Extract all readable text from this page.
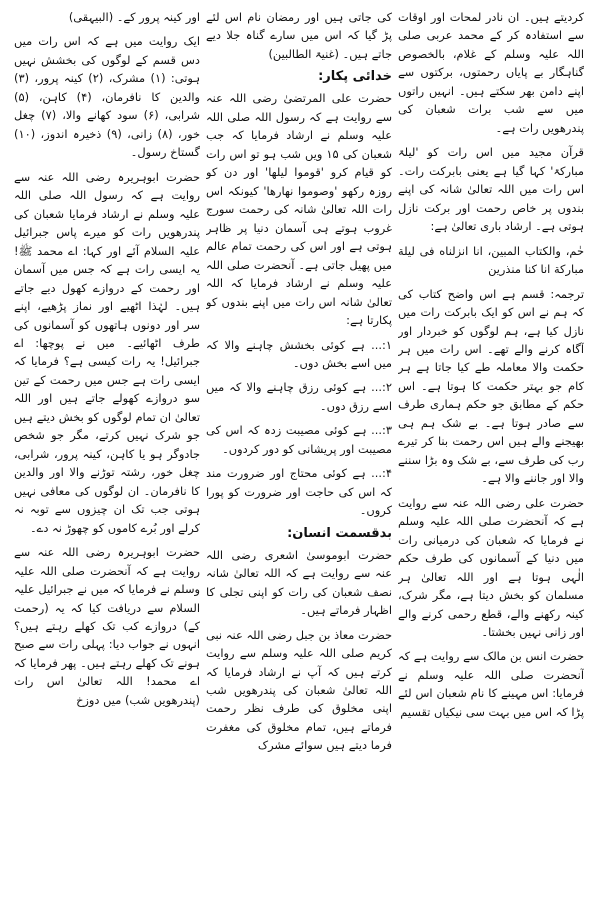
کردیتے ہیں۔ ان نادر لمحات اور اوقات سے استفادہ کر کے محمد عربی صلی اللہ علیہ وسلم کے غلام، بالخصوص گناہگار بے پایاں رحمتوں، برکتوں سے اپنے دامن بھر سکتے ہیں۔ انہیں راتوں میں سے شب برات شعبان کی پندرھویں رات ہے۔

قرآن مجید میں اس رات کو 'لیلۃ مبارکۃ' کہا گیا ہے یعنی بابرکت رات۔ اس رات میں اللہ تعالیٰ شانہ کی اپنے بندوں پر خاص رحمت اور برکت نازل ہوتی ہے۔ ارشاد باری تعالیٰ ہے:

حٰم، والکتاب المبین، انا انزلناه فی لیلة مبارکة انا کنا منذرین

ترجمہ: قسم ہے اس واضح کتاب کی کہ ہم نے اس کو ایک بابرکت رات میں نازل کیا ہے، ہم لوگوں کو خبردار اور آگاہ کرنے والے تھے۔ اس رات میں ہر حکمت والا معاملہ طے کیا جاتا ہے ہر کام جو بہتر حکمت کا ہوتا ہے۔ اس حکم کے مطابق جو حکم ہماری طرف سے صادر ہوتا ہے۔ بے شک ہم ہی بھیجنے والے ہیں اس رحمت بنا کر تیرے رب کی طرف سے، بے شک وہ بڑا سننے والا اور جاننے والا ہے۔

حضرت علی رضی اللہ عنہ سے روایت ہے کہ آنحضرت صلی اللہ علیہ وسلم نے فرمایا کہ شعبان کی درمیانی رات میں دنیا کے آسمانوں کی طرف حکم الٰہی ہوتا ہے اور اللہ تعالیٰ ہر مسلمان کو بخش دیتا ہے، مگر شرک، کینہ رکھنے والے، قطع رحمی کرنے والے اور زانی نہیں بخشتا۔

حضرت انس بن مالک سے روایت ہے کہ آنحضرت صلی اللہ علیہ وسلم نے فرمایا: اس مہینے کا نام شعبان اس لئے پڑا کہ اس میں بہت سی نیکیاں تقسیم

کی جاتی ہیں اور رمضان نام اس لئے پڑ گیا کہ اس میں سارے گناہ جلا دیے جاتے ہیں۔ (غنیۃ الطالبین)

خدائی پکار:

حضرت علی المرتضیٰ رضی اللہ عنہ سے روایت ہے کہ رسول اللہ صلی اللہ علیہ وسلم نے ارشاد فرمایا کہ جب شعبان کی ۱۵ ویں شب ہو تو اس رات کو قیام کرو 'قوموا لیلھا' اور دن کو روزہ رکھو 'وصوموا نھارھا' کیونکہ اس رات اللہ تعالیٰ شانہ کی رحمت سورج غروب ہوتے ہی آسمان دنیا پر ظاہر ہوتی ہے اور اس کی رحمت تمام عالم میں پھیل جاتی ہے۔ آنحضرت صلی اللہ علیہ وسلم نے ارشاد فرمایا کہ اللہ تعالیٰ شانہ اس رات میں اپنے بندوں کو پکارتا ہے:

۱:... ہے کوئی بخشش چاہنے والا کہ میں اسے بخش دوں۔

۲:... ہے کوئی رزق چاہنے والا کہ میں اسے رزق دوں۔

۳:... ہے کوئی مصیبت زدہ کہ اس کی مصیبت اور پریشانی کو دور کردوں۔

۴:... ہے کوئی محتاج اور ضرورت مند کہ اس کی حاجت اور ضرورت کو پورا کروں۔

بدقسمت انسان:

حضرت ابوموسیٰ اشعری رضی اللہ عنہ سے روایت ہے کہ اللہ تعالیٰ شانہ نصف شعبان کی رات کو اپنی تجلی کا اظہار فرماتے ہیں۔

حضرت معاذ بن جبل رضی اللہ عنہ نبی کریم صلی اللہ علیہ وسلم سے روایت کرتے ہیں کہ آپ نے ارشاد فرمایا کہ اللہ تعالیٰ شعبان کی پندرھویں شب اپنی مخلوق کی طرف نظر رحمت فرماتے ہیں، تمام مخلوق کی مغفرت فرما دیتے ہیں سوائے مشرک

اور کینہ پرور کے۔ (البیہقی)

ایک روایت میں ہے کہ اس رات میں دس قسم کے لوگوں کی بخشش نہیں ہوتی: (۱) مشرک، (۲) کینہ پرور، (۳) والدین کا نافرمان، (۴) کاہن، (۵) شرابی، (۶) سود کھانے والا، (۷) چغل خور، (۸) زانی، (۹) ذخیرہ اندوز، (۱۰) گستاخ رسول۔

حضرت ابوہریرہ رضی اللہ عنہ سے روایت ہے کہ رسول اللہ صلی اللہ علیہ وسلم نے ارشاد فرمایا شعبان کی پندرھویں رات کو میرے پاس جبرائیل علیہ السلام آئے اور کہا: اے محمد ﷺ! یہ ایسی رات ہے کہ جس میں آسمان اور رحمت کے دروازے کھول دیے جاتے ہیں۔ لہٰذا اٹھیے اور نماز پڑھیے، اپنے سر اور دونوں ہاتھوں کو آسمانوں کی طرف اٹھائیے۔ میں نے پوچھا: اے جبرائیل! یہ رات کیسی ہے؟ فرمایا کہ ایسی رات ہے جس میں رحمت کے تین سو دروازے کھولے جاتے ہیں اور اللہ تعالیٰ ان تمام لوگوں کو بخش دیتے ہیں جو شرک نہیں کرتے، مگر جو شخص جادوگر ہو یا کاہن، کینہ پرور، شرابی، چغل خور، رشتہ توڑنے والا اور والدین کا نافرمان۔ ان لوگوں کی معافی نہیں ہوتی جب تک ان چیزوں سے توبہ نہ کرلے اور بُرے کاموں کو چھوڑ نہ دے۔

حضرت ابوہریرہ رضی اللہ عنہ سے روایت ہے کہ آنحضرت صلی اللہ علیہ وسلم نے فرمایا کہ میں نے جبرائیل علیہ السلام سے دریافت کیا کہ یہ (رحمت کے) دروازے کب تک کھلے رہتے ہیں؟ انہوں نے جواب دیا: پہلی رات سے صبح ہونے تک کھلے رہتے ہیں۔ پھر فرمایا کہ اے محمد! اللہ تعالیٰ اس رات (پندرھویں شب) میں دوزخ
